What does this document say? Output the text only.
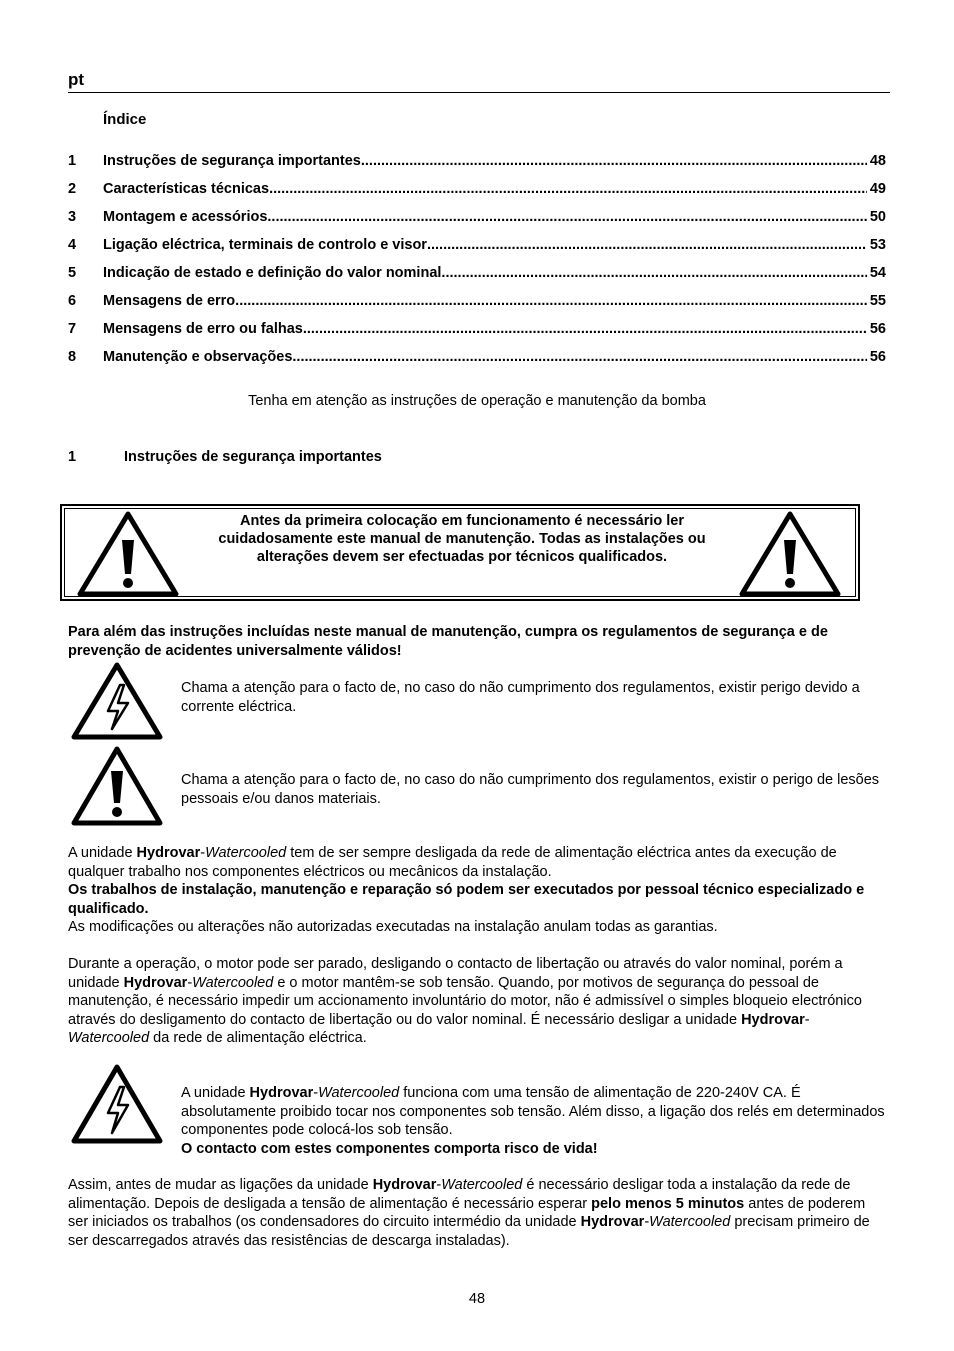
pt
Índice
1	Instruções de segurança importantes .....	48
2	Características técnicas .....	49
3	Montagem e acessórios .....	50
4	Ligação eléctrica, terminais de controlo e visor .....	53
5	Indicação de estado e definição do valor nominal .....	54
6	Mensagens de erro .....	55
7	Mensagens de erro ou falhas .....	56
8	Manutenção e observações .....	56
Tenha em atenção as instruções de operação e manutenção da bomba
1	Instruções de segurança importantes
Antes da primeira colocação em funcionamento é necessário ler cuidadosamente este manual de manutenção. Todas as instalações ou alterações devem ser efectuadas por técnicos qualificados.
Para além das instruções incluídas neste manual de manutenção, cumpra os regulamentos de segurança e de prevenção de acidentes universalmente válidos!
Chama a atenção para o facto de, no caso do não cumprimento dos regulamentos, existir perigo devido a corrente eléctrica.
Chama a atenção para o facto de, no caso do não cumprimento dos regulamentos, existir o perigo de lesões pessoais e/ou danos materiais.
A unidade Hydrovar-Watercooled tem de ser sempre desligada da rede de alimentação eléctrica antes da execução de qualquer trabalho nos componentes eléctricos ou mecânicos da instalação.
Os trabalhos de instalação, manutenção e reparação só podem ser executados por pessoal técnico especializado e qualificado.
As modificações ou alterações não autorizadas executadas na instalação anulam todas as garantias.
Durante a operação, o motor pode ser parado, desligando o contacto de libertação ou através do valor nominal, porém a unidade Hydrovar-Watercooled e o motor mantêm-se sob tensão. Quando, por motivos de segurança do pessoal de manutenção, é necessário impedir um accionamento involuntário do motor, não é admissível o simples bloqueio electrónico através do desligamento do contacto de libertação ou do valor nominal. É necessário desligar a unidade Hydrovar-Watercooled da rede de alimentação eléctrica.
A unidade Hydrovar-Watercooled funciona com uma tensão de alimentação de 220-240V CA. É absolutamente proibido tocar nos componentes sob tensão. Além disso, a ligação dos relés em determinados componentes pode colocá-los sob tensão.
O contacto com estes componentes comporta risco de vida!
Assim, antes de mudar as ligações da unidade Hydrovar-Watercooled é necessário desligar toda a instalação da rede de alimentação. Depois de desligada a tensão de alimentação é necessário esperar pelo menos 5 minutos antes de poderem ser iniciados os trabalhos (os condensadores do circuito intermédio da unidade Hydrovar-Watercooled precisam primeiro de ser descarregados através das resistências de descarga instaladas).
48
